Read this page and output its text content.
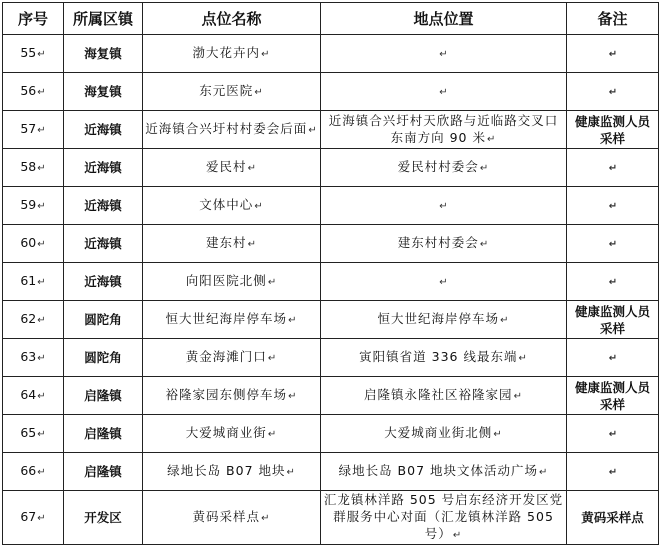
序号	所属区镇	点位名称	地点位置	备注
55↵	海复镇	渤大花卉内↵	↵	↵
56↵	海复镇	东元医院↵	↵	↵
57↵	近海镇	近海镇合兴圩村村委会后面↵	近海镇合兴圩村天欣路与近临路交叉口东南方向 90 米↵	健康监测人员采样
58↵	近海镇	爱民村↵	爱民村村委会↵	↵
59↵	近海镇	文体中心↵	↵	↵
60↵	近海镇	建东村↵	建东村村委会↵	↵
61↵	近海镇	向阳医院北侧↵	↵	↵
62↵	圆陀角	恒大世纪海岸停车场↵	恒大世纪海岸停车场↵	健康监测人员采样
63↵	圆陀角	黄金海滩门口↵	寅阳镇省道 336 线最东端↵	↵
64↵	启隆镇	裕隆家园东侧停车场↵	启隆镇永隆社区裕隆家园↵	健康监测人员采样
65↵	启隆镇	大爱城商业街↵	大爱城商业街北侧↵	↵
66↵	启隆镇	绿地长岛 B07 地块↵	绿地长岛 B07 地块文体活动广场↵	↵
67↵	开发区	黄码采样点↵	汇龙镇林洋路 505 号启东经济开发区党群服务中心对面（汇龙镇林洋路 505 号）↵	黄码采样点
